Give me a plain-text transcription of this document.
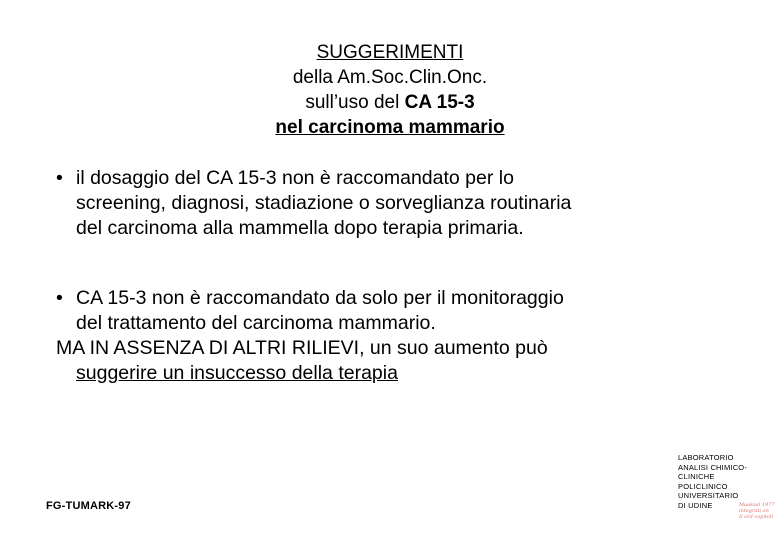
SUGGERIMENTI
della Am.Soc.Clin.Onc.
sull’uso del CA 15-3
nel carcinoma mammario
• il dosaggio del CA 15-3 non è raccomandato per lo

screening, diagnosi, stadiazione o sorveglianza routinaria

del carcinoma alla mammella dopo terapia primaria.

• CA 15-3 non è raccomandato da solo per il monitoraggio

del trattamento del carcinoma mammario.

MA IN ASSENZA DI ALTRI RILIEVI, un suo aumento può

suggerire un insuccesso della terapia

FG-TUMARK-97
LABORATORIO
ANALISI CHIMICO-
CLINICHE
POLICLINICO
UNIVERSITARIO
DI UDINE	Maaksal 1977
integrati on
Il ord capitoli
